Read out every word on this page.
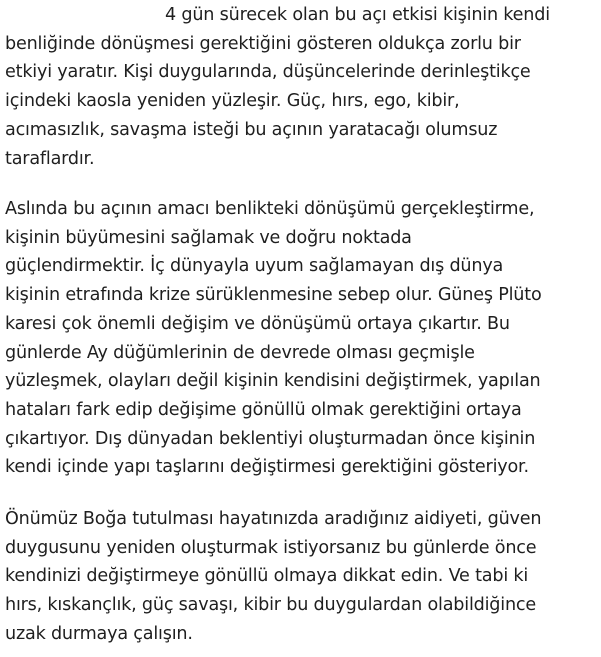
4 gün sürecek olan bu açı etkisi kişinin kendi
benliğinde dönüşmesi gerektiğini gösteren oldukça zorlu bir
etkiyi yaratır. Kişi duygularında, düşüncelerinde derinleştikçe
içindeki kaosla yeniden yüzleşir. Güç, hırs, ego, kibir,
acımasızlık, savaşma isteği bu açının yaratacağı olumsuz
taraflardır.

Aslında bu açının amacı benlikteki dönüşümü gerçekleştirme,
kişinin büyümesini sağlamak ve doğru noktada
güçlendirmektir. İç dünyayla uyum sağlamayan dış dünya
kişinin etrafında krize sürüklenmesine sebep olur. Güneş Plüto
karesi çok önemli değişim ve dönüşümü ortaya çıkartır. Bu
günlerde Ay düğümlerinin de devrede olması geçmişle
yüzleşmek, olayları değil kişinin kendisini değiştirmek, yapılan
hataları fark edip değişime gönüllü olmak gerektiğini ortaya
çıkartıyor. Dış dünyadan beklentiyi oluşturmadan önce kişinin
kendi içinde yapı taşlarını değiştirmesi gerektiğini gösteriyor.

Önümüz Boğa tutulması hayatınızda aradığınız aidiyeti, güven
duygusunu yeniden oluşturmak istiyorsanız bu günlerde önce
kendinizi değiştirmeye gönüllü olmaya dikkat edin. Ve tabi ki
hırs, kıskançlık, güç savaşı, kibir bu duygulardan olabildiğince
uzak durmaya çalışın.
